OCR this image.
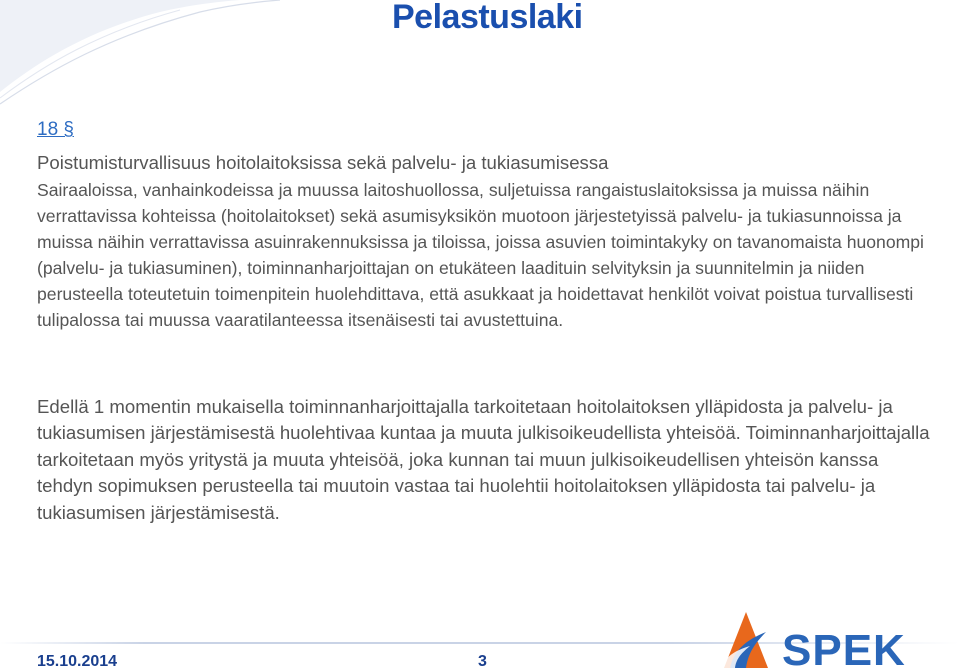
Pelastuslaki
18 §

Poistumisturvallisuus hoitolaitoksissa sekä palvelu- ja tukiasumisessa

Sairaaloissa, vanhainkodeissa ja muussa laitoshuollossa, suljetuissa rangaistuslaitoksissa ja muissa näihin verrattavissa kohteissa (hoitolaitokset) sekä asumisyksikön muotoon järjestetyissä palvelu- ja tukiasunnoissa ja muissa näihin verrattavissa asuinrakennuksissa ja tiloissa, joissa asuvien toimintakyky on tavanomaista huonompi (palvelu- ja tukiasuminen), toiminnanharjoittajan on etukäteen laadituin selvityksin ja suunnitelmin ja niiden perusteella toteutetuin toimenpitein huolehdittava, että asukkaat ja hoidettavat henkilöt voivat poistua turvallisesti tulipalossa tai muussa vaaratilanteessa itsenäisesti tai avustettuina.

Edellä 1 momentin mukaisella toiminnanharjoittajalla tarkoitetaan hoitolaitoksen ylläpidosta ja palvelu- ja tukiasumisen järjestämisestä huolehtivaa kuntaa ja muuta julkisoikeudellista yhteisöä. Toiminnanharjoittajalla tarkoitetaan myös yritystä ja muuta yhteisöä, joka kunnan tai muun julkisoikeudellisen yhteisön kanssa tehdyn sopimuksen perusteella tai muutoin vastaa tai huolehtii hoitolaitoksen ylläpidosta tai palvelu- ja tukiasumisen järjestämisestä.

15.10.2014	3	SPEK
